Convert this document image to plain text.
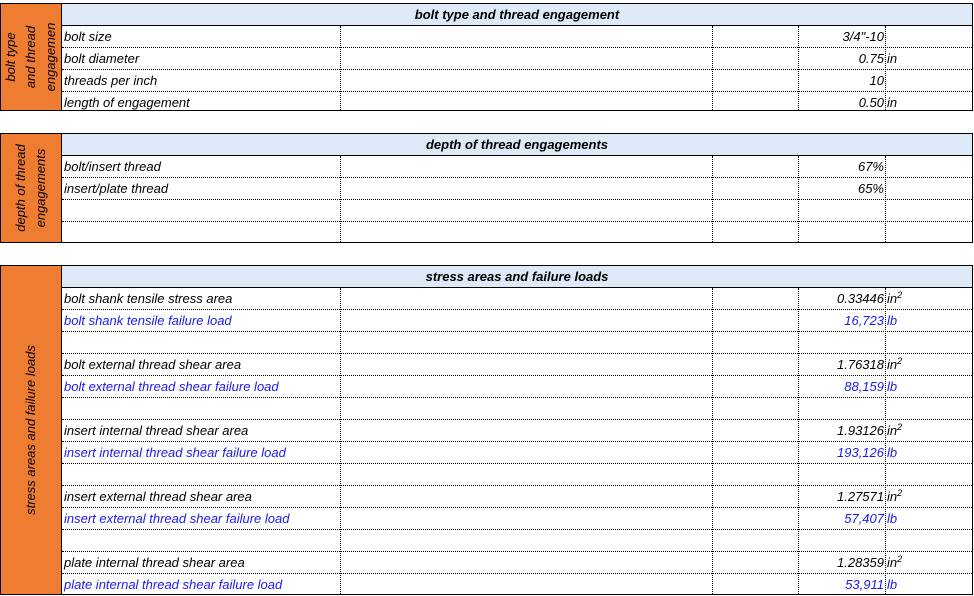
bolt type
and thread
engagemen
bolt type and thread engagement
bolt size	3/4"-10
bolt diameter	0.75 in
threads per inch	10
length of engagement	0.50 in
depth of thread
engagements
depth of thread engagements
bolt/insert thread	67%
insert/plate thread	65%
stress areas and failure loads
stress areas and failure loads
bolt shank tensile stress area	0.33446 $in^2$
bolt shank tensile failure load	16,723 lb
bolt external thread shear area	1.76318 $in^2$
bolt external thread shear failure load	88,159 lb
insert internal thread shear area	1.93126 $in^2$
insert internal thread shear failure load	193,126 lb
insert external thread shear area	1.27571 $in^2$
insert external thread shear failure load	57,407 lb
plate internal thread shear area	1.28359 $in^2$
plate internal thread shear failure load	53,911 lb
